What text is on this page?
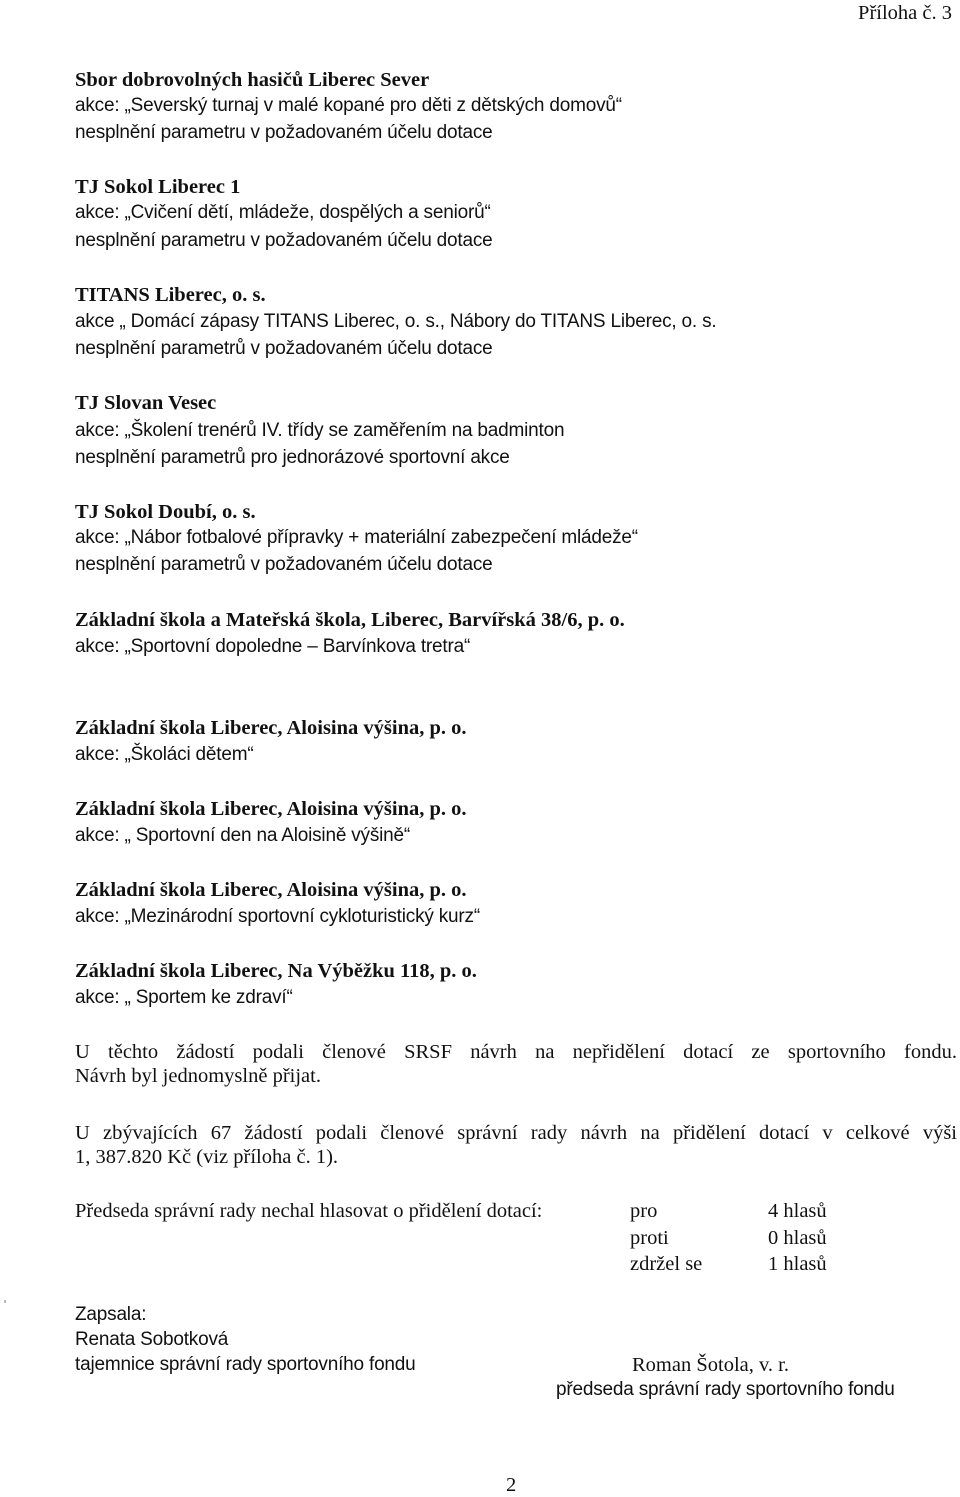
Příloha č. 3
Sbor dobrovolných hasičů Liberec Sever
akce: „Severský turnaj v malé kopané pro děti z dětských domovů“
nesplnění parametru v požadovaném účelu dotace
TJ Sokol Liberec 1
akce: „Cvičení dětí, mládeže, dospělých a seniorů“
nesplnění parametru v požadovaném účelu dotace
TITANS Liberec, o. s.
akce „ Domácí zápasy TITANS Liberec, o. s., Nábory do TITANS Liberec, o. s.
nesplnění parametrů v požadovaném účelu dotace
TJ Slovan Vesec
akce: „Školení trenérů IV. třídy se zaměřením na badminton
nesplnění parametrů pro jednorázové sportovní akce
TJ Sokol Doubí, o. s.
akce: „Nábor fotbalové přípravky + materiální zabezpečení mládeže“
nesplnění parametrů v požadovaném účelu dotace
Základní škola a Mateřská škola, Liberec, Barvířská 38/6, p. o.
akce: „Sportovní dopoledne – Barvínkova tretra“
Základní škola Liberec, Aloisina výšina, p. o.
akce: „Školáci dětem“
Základní škola Liberec, Aloisina výšina, p. o.
akce: „ Sportovní den na Aloisině výšině“
Základní škola Liberec, Aloisina výšina, p. o.
akce: „Mezinárodní sportovní cykloturistický kurz“
Základní škola Liberec, Na Výběžku 118, p. o.
akce: „ Sportem ke zdraví“
U těchto žádostí podali členové SRSF návrh na nepřidělení dotací ze sportovního fondu.
Návrh byl jednomyslně přijat.
U zbývajících 67 žádostí podali členové správní rady návrh na přidělení dotací v celkové výši
1, 387.820 Kč (viz příloha č. 1).
Předseda správní rady nechal hlasovat o přidělení dotací:	pro
proti
zdržel se
4 hlasů
0 hlasů
1 hlasů
Zapsala:
Renata Sobotková
tajemnice správní rady sportovního fondu	Roman Šotola, v. r.
předseda správní rady sportovního fondu
2
